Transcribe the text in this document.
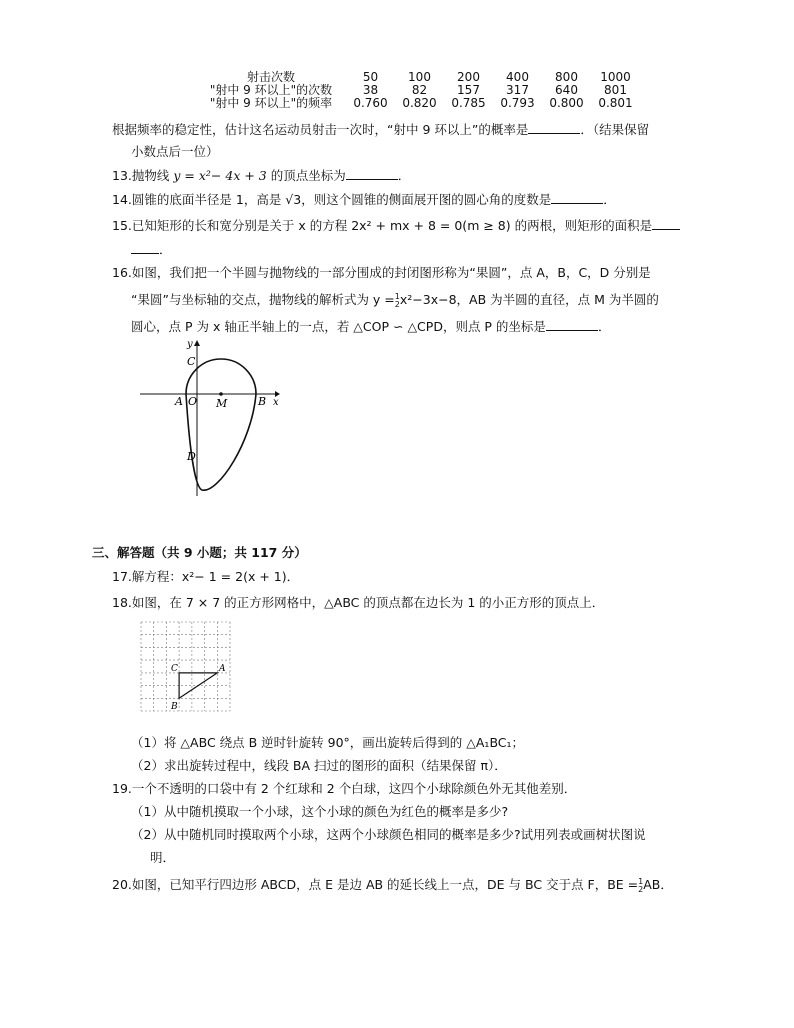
射击次数	50	100	200	400	800	1000
"射中 9 环以上"的次数	38	82	157	317	640	801
"射中 9 环以上"的频率	0.760	0.820	0.785	0.793	0.800	0.801
根据频率的稳定性，估计这名运动员射击一次时，“射中 9 环以上”的概率是	．（结果保留
小数点后一位）
13.抛物线 y = x²− 4x + 3 的顶点坐标为	．
14.圆锥的底面半径是 1，高是 √3，则这个圆锥的侧面展开图的圆心角的度数是	．
15.已知矩形的长和宽分别是关于 x 的方程 2x² + mx + 8 = 0(m ≥ 8) 的两根，则矩形的面积是
．
16.如图，我们把一个半圆与抛物线的一部分围成的封闭图形称为“果圆”，点 A，B，C，D 分别是
“果圆”与坐标轴的交点，抛物线的解析式为 y =1
2x²−3x−8，AB 为半圆的直径，点 M 为半圆的
圆心，点 P 为 x 轴正半轴上的一点，若 △COP ∽ △CPD，则点 P 的坐标是	．
y
x
C
A O M	B
D
三、解答题（共 9 小题；共 117 分）
17.解方程：x²− 1 = 2(x + 1)．
18.如图，在 7 × 7 的正方形网格中，△ABC 的顶点都在边长为 1 的小正方形的顶点上．
C	A
B
（1）将 △ABC 绕点 B 逆时针旋转 90°，画出旋转后得到的 △A₁BC₁；
（2）求出旋转过程中，线段 BA 扫过的图形的面积（结果保留 π）．
19.一个不透明的口袋中有 2 个红球和 2 个白球，这四个小球除颜色外无其他差别．
（1）从中随机摸取一个小球，这个小球的颜色为红色的概率是多少?
（2）从中随机同时摸取两个小球，这两个小球颜色相同的概率是多少?试用列表或画树状图说
明．
20.如图，已知平行四边形 ABCD，点 E 是边 AB 的延长线上一点，DE 与 BC 交于点 F，BE =1
2AB．
